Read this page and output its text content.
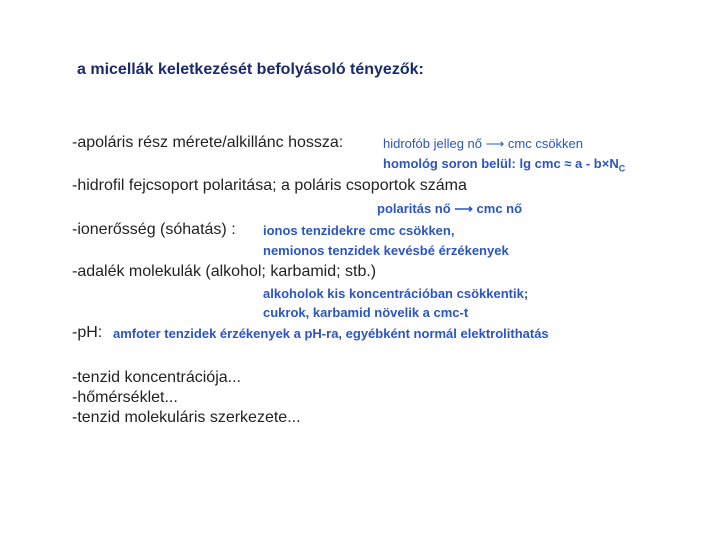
a micellák keletkezését befolyásoló tényezők:
-apoláris rész mérete/alkillánc hossza:	hidrofób jelleg nő ⟶ cmc csökken
homológ soron belül: lg cmc ≈ $a - b\times N_C$
-hidrofil fejcsoport polaritása; a poláris csoportok száma
polaritás nő ⟶ cmc nő
-ionerősség (sóhatás) : ionos tenzidekre cmc csökken,
nemionos tenzidek kevésbé érzékenyek
-adalék molekulák (alkohol; karbamid; stb.)
alkoholok kis koncentrációban csökkentik;
cukrok, karbamid növelik a cmc-t
-pH: amfoter tenzidek érzékenyek a pH-ra, egyébként normál elektrolithatás
-tenzid koncentrációja...
-hőmérséklet...
-tenzid molekuláris szerkezete...
